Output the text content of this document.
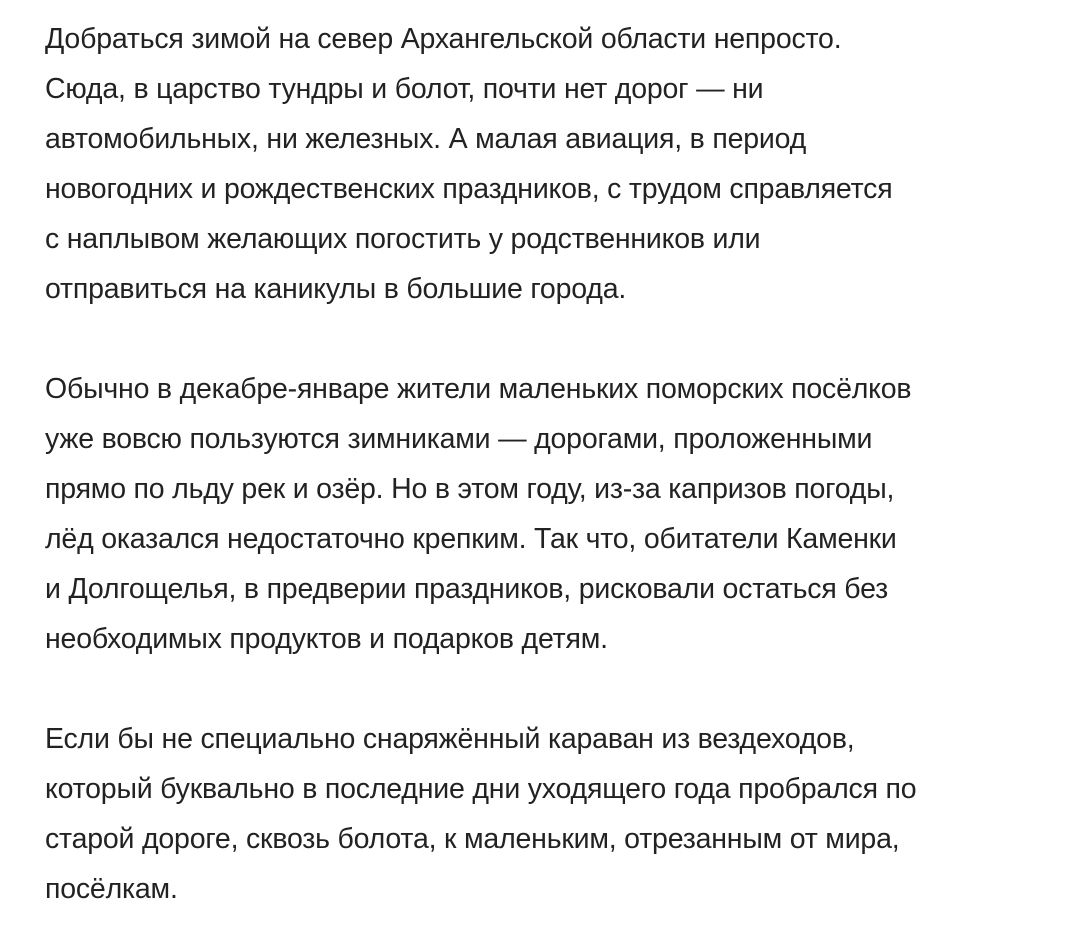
Добраться зимой на север Архангельской области непросто.
Сюда, в царство тундры и болот, почти нет дорог — ни
автомобильных, ни железных. А малая авиация, в период
новогодних и рождественских праздников, с трудом справляется
с наплывом желающих погостить у родственников или
отправиться на каникулы в большие города.

Обычно в декабре-январе жители маленьких поморских посёлков
уже вовсю пользуются зимниками — дорогами, проложенными
прямо по льду рек и озёр. Но в этом году, из-за капризов погоды,
лёд оказался недостаточно крепким. Так что, обитатели Каменки
и Долгощелья, в предверии праздников, рисковали остаться без
необходимых продуктов и подарков детям.

Если бы не специально снаряжённый караван из вездеходов,
который буквально в последние дни уходящего года пробрался по
старой дороге, сквозь болота, к маленьким, отрезанным от мира,
посёлкам.
